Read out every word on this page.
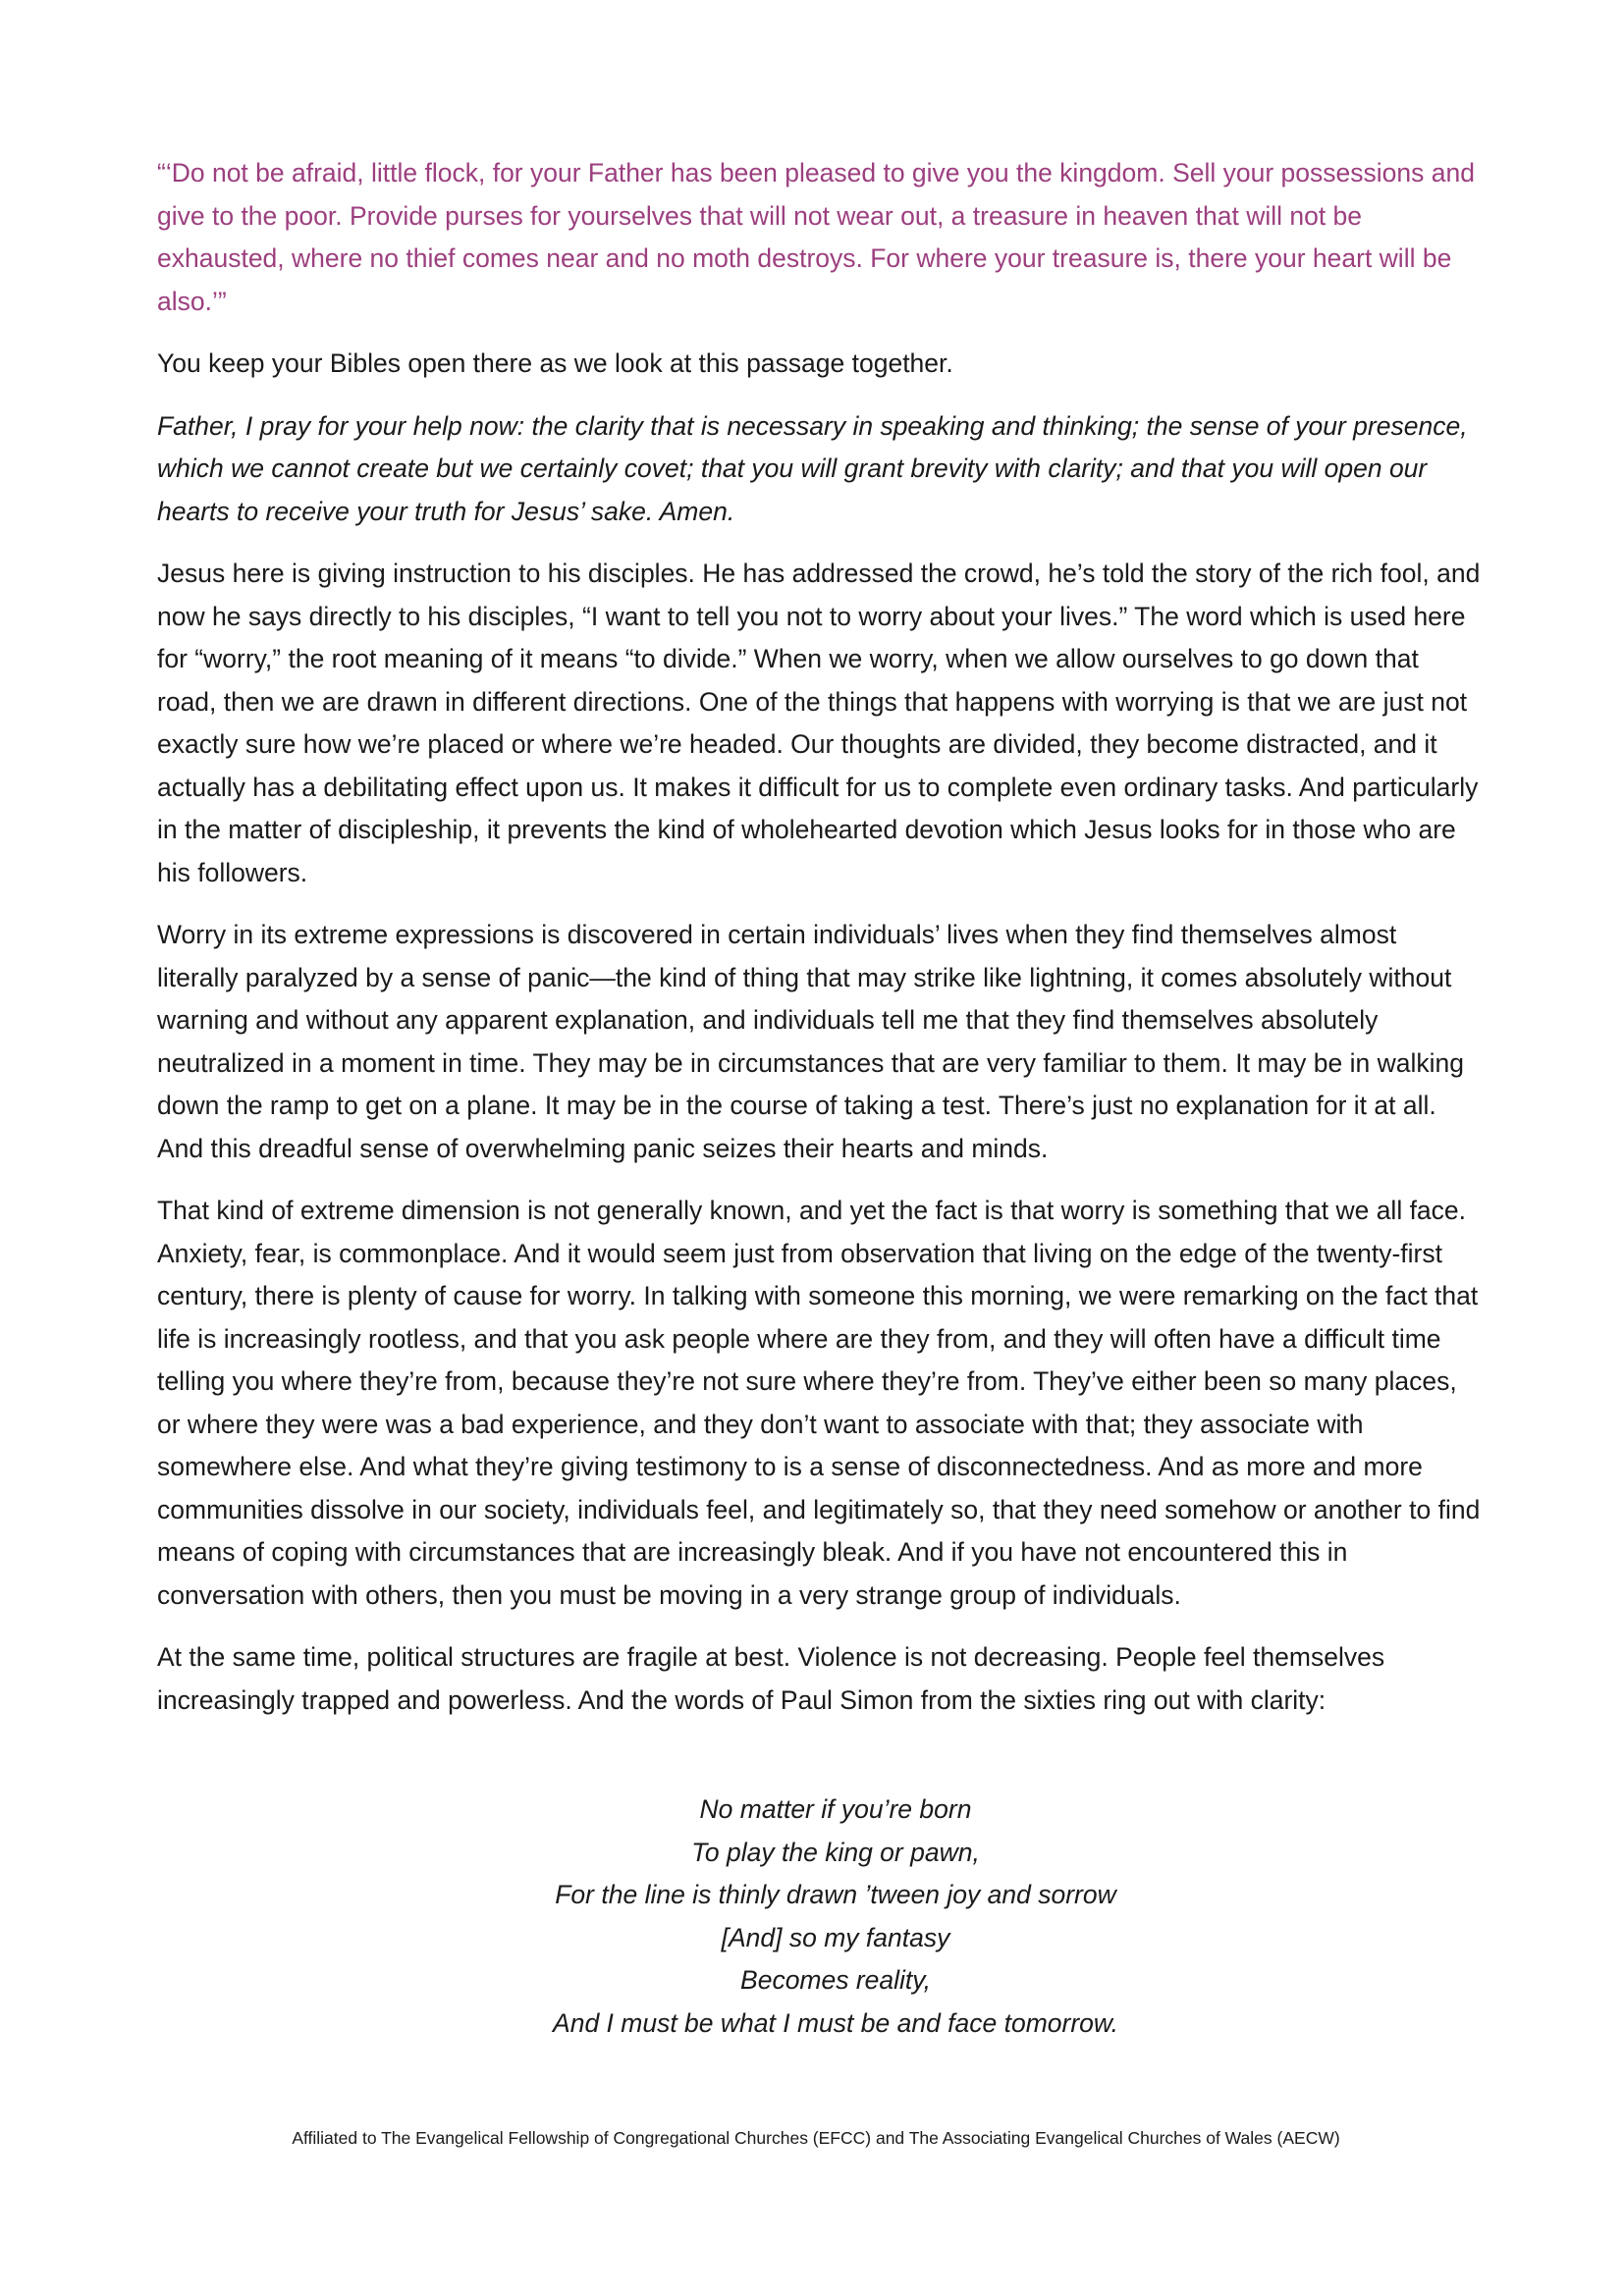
“‘Do not be afraid, little flock, for your Father has been pleased to give you the kingdom. Sell your possessions and give to the poor. Provide purses for yourselves that will not wear out, a treasure in heaven that will not be exhausted, where no thief comes near and no moth destroys. For where your treasure is, there your heart will be also.’”

You keep your Bibles open there as we look at this passage together.

Father, I pray for your help now: the clarity that is necessary in speaking and thinking; the sense of your presence, which we cannot create but we certainly covet; that you will grant brevity with clarity; and that you will open our hearts to receive your truth for Jesus’ sake. Amen.

Jesus here is giving instruction to his disciples. He has addressed the crowd, he’s told the story of the rich fool, and now he says directly to his disciples, “I want to tell you not to worry about your lives.” The word which is used here for “worry,” the root meaning of it means “to divide.” When we worry, when we allow ourselves to go down that road, then we are drawn in different directions. One of the things that happens with worrying is that we are just not exactly sure how we’re placed or where we’re headed. Our thoughts are divided, they become distracted, and it actually has a debilitating effect upon us. It makes it difficult for us to complete even ordinary tasks. And particularly in the matter of discipleship, it prevents the kind of wholehearted devotion which Jesus looks for in those who are his followers.

Worry in its extreme expressions is discovered in certain individuals’ lives when they find themselves almost literally paralyzed by a sense of panic—the kind of thing that may strike like lightning, it comes absolutely without warning and without any apparent explanation, and individuals tell me that they find themselves absolutely neutralized in a moment in time. They may be in circumstances that are very familiar to them. It may be in walking down the ramp to get on a plane. It may be in the course of taking a test. There’s just no explanation for it at all. And this dreadful sense of overwhelming panic seizes their hearts and minds.

That kind of extreme dimension is not generally known, and yet the fact is that worry is something that we all face. Anxiety, fear, is commonplace. And it would seem just from observation that living on the edge of the twenty-first century, there is plenty of cause for worry. In talking with someone this morning, we were remarking on the fact that life is increasingly rootless, and that you ask people where are they from, and they will often have a difficult time telling you where they’re from, because they’re not sure where they’re from. They’ve either been so many places, or where they were was a bad experience, and they don’t want to associate with that; they associate with somewhere else. And what they’re giving testimony to is a sense of disconnectedness. And as more and more communities dissolve in our society, individuals feel, and legitimately so, that they need somehow or another to find means of coping with circumstances that are increasingly bleak. And if you have not encountered this in conversation with others, then you must be moving in a very strange group of individuals.

At the same time, political structures are fragile at best. Violence is not decreasing. People feel themselves increasingly trapped and powerless. And the words of Paul Simon from the sixties ring out with clarity:

No matter if you’re born
To play the king or pawn,
For the line is thinly drawn ’tween joy and sorrow
[And] so my fantasy
Becomes reality,
And I must be what I must be and face tomorrow.
Affiliated to The Evangelical Fellowship of Congregational Churches (EFCC) and The Associating Evangelical Churches of Wales (AECW)
